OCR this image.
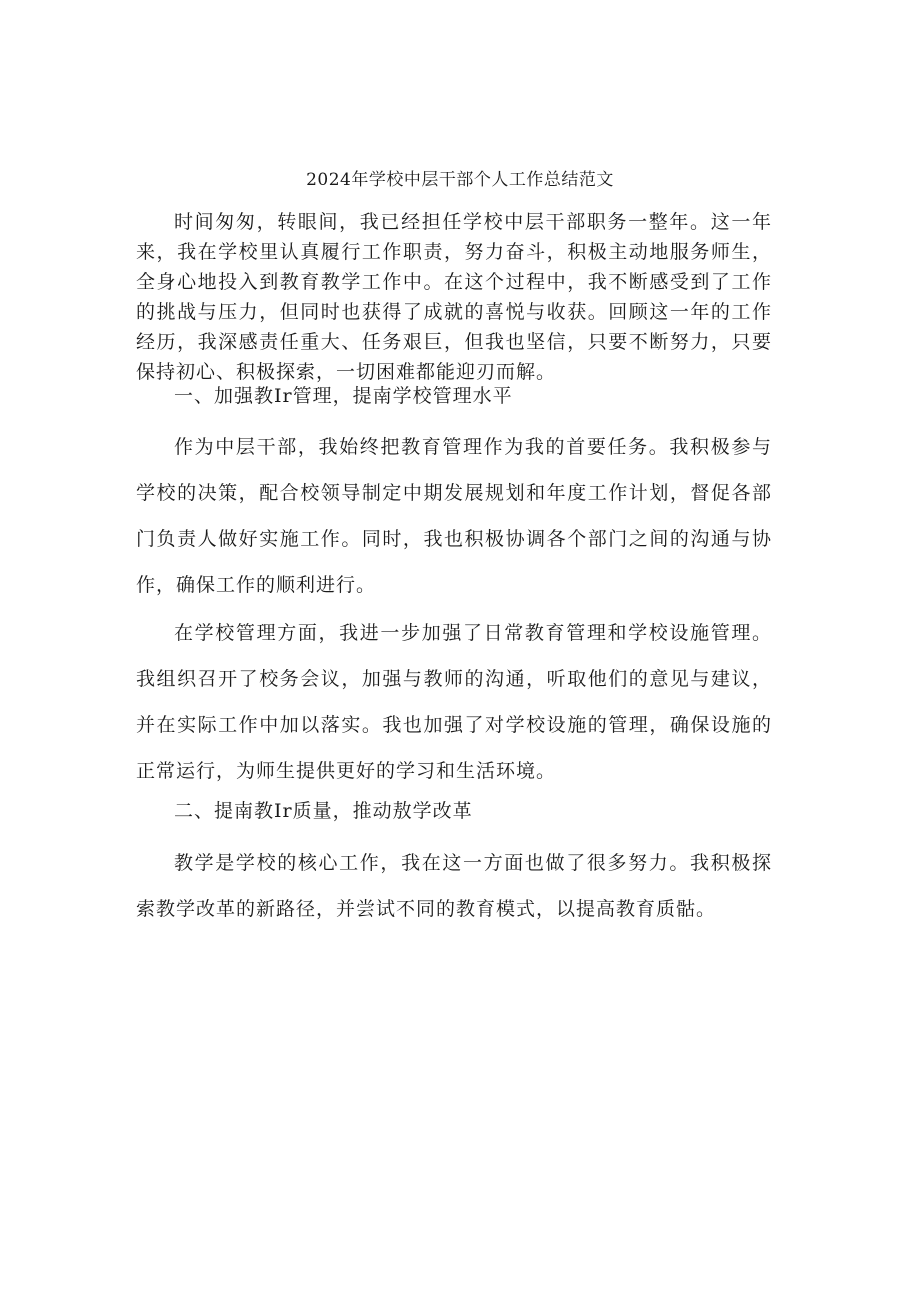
2024年学校中层干部个人工作总结范文

时间匆匆，转眼间，我已经担任学校中层干部职务一整年。这一年来，我在学校里认真履行工作职责，努力奋斗，积极主动地服务师生，全身心地投入到教育教学工作中。在这个过程中，我不断感受到了工作的挑战与压力，但同时也获得了成就的喜悦与收获。回顾这一年的工作经历，我深感责任重大、任务艰巨，但我也坚信，只要不断努力，只要保持初心、积极探索，一切困难都能迎刃而解。

一、加强教Ir管理，提南学校管理水平

作为中层干部，我始终把教育管理作为我的首要任务。我积极参与学校的决策，配合校领导制定中期发展规划和年度工作计划，督促各部门负责人做好实施工作。同时，我也积极协调各个部门之间的沟通与协作，确保工作的顺利进行。

在学校管理方面，我进一步加强了日常教育管理和学校设施管理。我组织召开了校务会议，加强与教师的沟通，听取他们的意见与建议，并在实际工作中加以落实。我也加强了对学校设施的管理，确保设施的正常运行，为师生提供更好的学习和生活环境。

二、提南教Ir质量，推动敖学改革

教学是学校的核心工作，我在这一方面也做了很多努力。我积极探索教学改革的新路径，并尝试不同的教育模式，以提高教育质骷。
